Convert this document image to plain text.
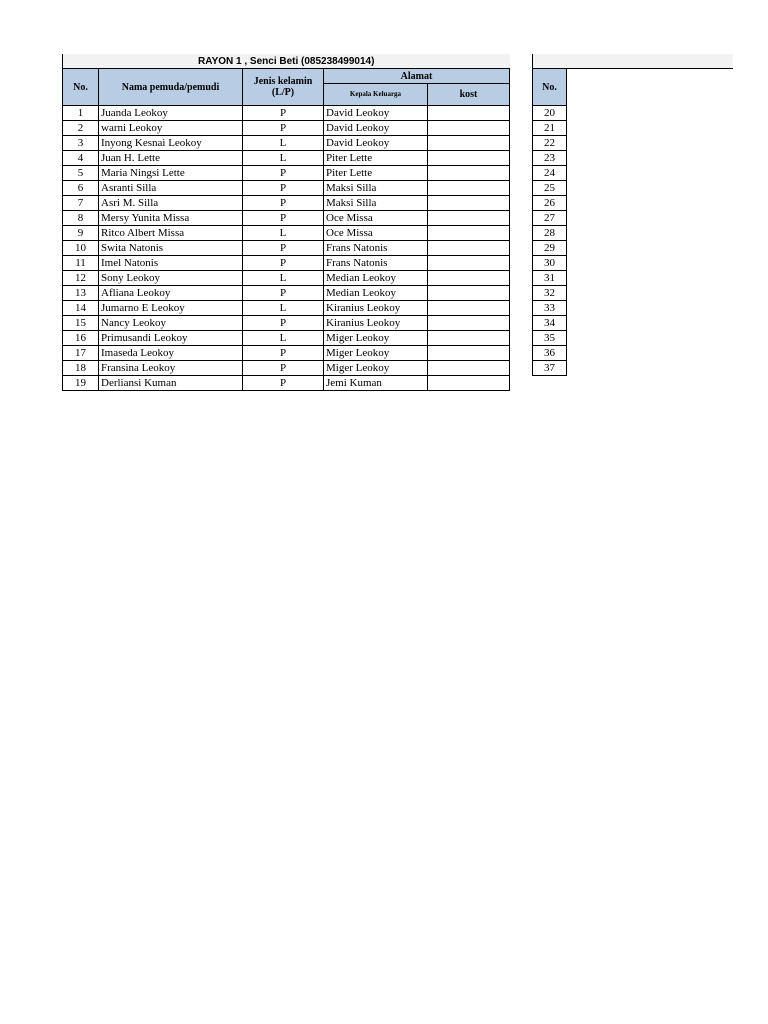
RAYON 1 , Senci Beti (085238499014)				
No.	Nama pemuda/pemudi	Jenis kelamin (L/P)	Alamat	
			Kepala Keluarga	kost
1	Juanda Leokoy	P	David Leokoy	
2	warni Leokoy	P	David Leokoy	
3	Inyong Kesnai Leokoy	L	David Leokoy	
4	Juan H. Lette	L	Piter Lette	
5	Maria Ningsi Lette	P	Piter Lette	
6	Asranti Silla	P	Maksi Silla	
7	Asri M. Silla	P	Maksi Silla	
8	Mersy Yunita Missa	P	Oce Missa	
9	Ritco Albert Missa	L	Oce Missa	
10	Swita Natonis	P	Frans Natonis	
11	Imel Natonis	P	Frans Natonis	
12	Sony Leokoy	L	Median Leokoy	
13	Afliana Leokoy	P	Median Leokoy	
14	Jumarno E Leokoy	L	Kiranius Leokoy	
15	Nancy Leokoy	P	Kiranius Leokoy	
16	Primusandi Leokoy	L	Miger Leokoy	
17	Imaseda Leokoy	P	Miger Leokoy	
18	Fransina Leokoy	P	Miger Leokoy	
19	Derliansi Kuman	P	Jemi Kuman	

No.	
20	
21	
22	
23	
24	
25	
26	
27	
28	
29	
30	
31	
32	
33	
34	
35	
36	
37	
